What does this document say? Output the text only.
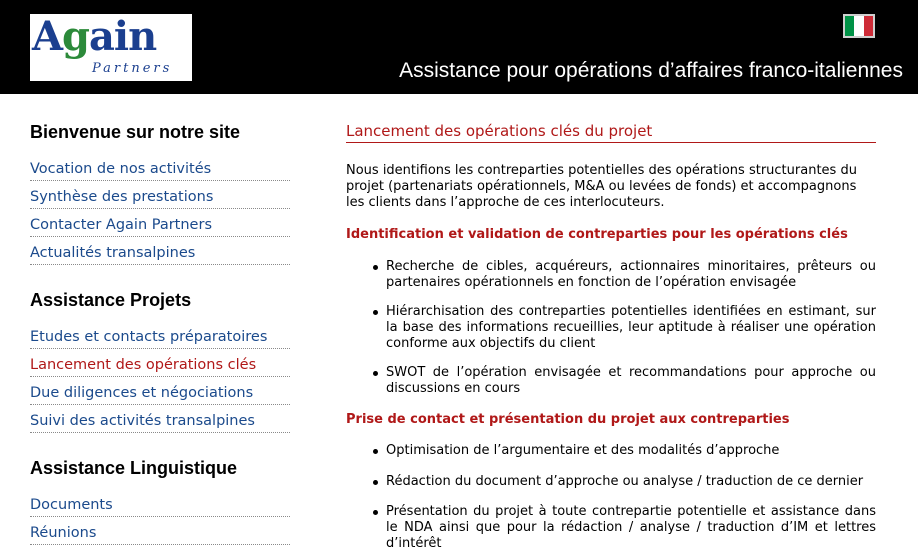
Again
Partners	Assistance pour opérations d’affaires franco-italiennes
Bienvenue sur notre site
Vocation de nos activités
Synthèse des prestations
Contacter Again Partners
Actualités transalpines
Assistance Projets
Etudes et contacts préparatoires
Lancement des opérations clés
Due diligences et négociations
Suivi des activités transalpines
Assistance Linguistique
Documents
Réunions
Lancement des opérations clés du projet

Nous identifions les contreparties potentielles des opérations structurantes du projet (partenariats opérationnels, M&A ou levées de fonds) et accompagnons les clients dans l’approche de ces interlocuteurs.

Identification et validation de contreparties pour les opérations clés
Recherche de cibles, acquéreurs, actionnaires minoritaires, prêteurs ou partenaires opérationnels en fonction de l’opération envisagée
Hiérarchisation des contreparties potentielles identifiées en estimant, sur la base des informations recueillies, leur aptitude à réaliser une opération conforme aux objectifs du client
SWOT de l’opération envisagée et recommandations pour approche ou discussions en cours
Prise de contact et présentation du projet aux contreparties
Optimisation de l’argumentaire et des modalités d’approche
Rédaction du document d’approche ou analyse / traduction de ce dernier
Présentation du projet à toute contrepartie potentielle et assistance dans le NDA ainsi que pour la rédaction / analyse / traduction d’IM et lettres d’intérêt
